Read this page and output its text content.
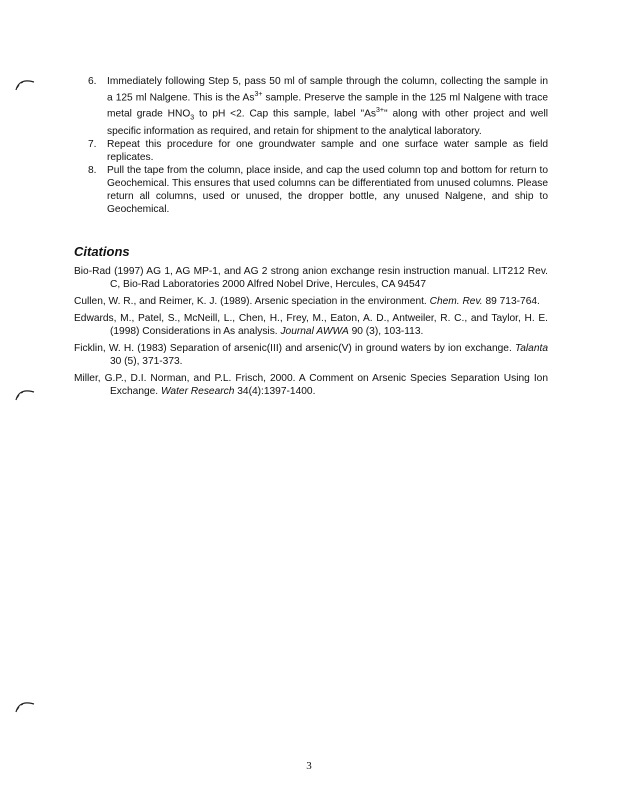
6.	Immediately following Step 5, pass 50 ml of sample through the column, collecting the sample in a 125 ml Nalgene. This is the $As^{3+}$ sample. Preserve the sample in the 125 ml Nalgene with trace metal grade $HNO_3$ to pH <2. Cap this sample, label "$As^{3+}$" along with other project and well specific information as required, and retain for shipment to the analytical laboratory.
7.	Repeat this procedure for one groundwater sample and one surface water sample as field replicates.
8.	Pull the tape from the column, place inside, and cap the used column top and bottom for return to Geochemical. This ensures that used columns can be differentiated from unused columns. Please return all columns, used or unused, the dropper bottle, any unused Nalgene, and ship to Geochemical.
Citations
Bio-Rad (1997) AG 1, AG MP-1, and AG 2 strong anion exchange resin instruction manual. LIT212 Rev. C, Bio-Rad Laboratories 2000 Alfred Nobel Drive, Hercules, CA 94547
Cullen, W. R., and Reimer, K. J. (1989). Arsenic speciation in the environment. Chem. Rev. 89 713-764.
Edwards, M., Patel, S., McNeill, L., Chen, H., Frey, M., Eaton, A. D., Antweiler, R. C., and Taylor, H. E. (1998) Considerations in As analysis. Journal AWWA 90 (3), 103-113.
Ficklin, W. H. (1983) Separation of arsenic(III) and arsenic(V) in ground waters by ion exchange. Talanta 30 (5), 371-373.
Miller, G.P., D.I. Norman, and P.L. Frisch, 2000. A Comment on Arsenic Species Separation Using Ion Exchange. Water Research 34(4):1397-1400.
3
